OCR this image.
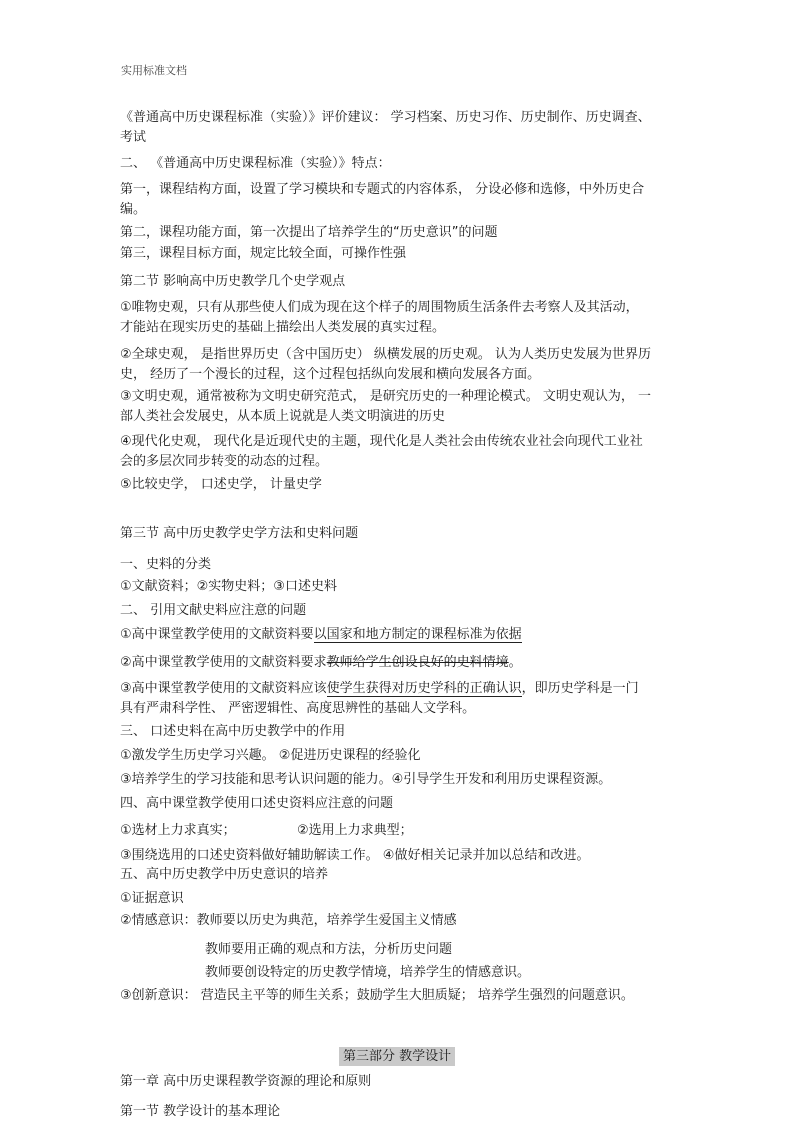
实用标准文档
《普通高中历史课程标准（实验）》评价建议： 学习档案、历史习作、历史制作、历史调查、
考试
二、 《普通高中历史课程标准（实验）》特点：
第一，课程结构方面，设置了学习模块和专题式的内容体系， 分设必修和选修，中外历史合
编。
第二，课程功能方面，第一次提出了培养学生的“历史意识”的问题
第三，课程目标方面，规定比较全面，可操作性强
第二节 影响高中历史教学几个史学观点
①唯物史观，只有从那些使人们成为现在这个样子的周围物质生活条件去考察人及其活动，
才能站在现实历史的基础上描绘出人类发展的真实过程。
②全球史观， 是指世界历史（含中国历史） 纵横发展的历史观。 认为人类历史发展为世界历
史， 经历了一个漫长的过程，这个过程包括纵向发展和横向发展各方面。
③文明史观，通常被称为文明史研究范式， 是研究历史的一种理论模式。 文明史观认为， 一
部人类社会发展史，从本质上说就是人类文明演进的历史
④现代化史观， 现代化是近现代史的主题，现代化是人类社会由传统农业社会向现代工业社
会的多层次同步转变的动态的过程。
⑤比较史学， 口述史学， 计量史学
第三节 高中历史教学史学方法和史料问题
一、史料的分类
①文献资料；②实物史料；③口述史料
二、 引用文献史料应注意的问题
①高中课堂教学使用的文献资料要以国家和地方制定的课程标准为依据
②高中课堂教学使用的文献资料要求教师给学生创设良好的史料情境。
③高中课堂教学使用的文献资料应该使学生获得对历史学科的正确认识，即历史学科是一门
具有严肃科学性、 严密逻辑性、高度思辨性的基础人文学科。
三、 口述史料在高中历史教学中的作用
①激发学生历史学习兴趣。 ②促进历史课程的经验化
③培养学生的学习技能和思考认识问题的能力。④引导学生开发和利用历史课程资源。
四、高中课堂教学使用口述史资料应注意的问题
①选材上力求真实；	②选用上力求典型；
③围绕选用的口述史资料做好辅助解读工作。 ④做好相关记录并加以总结和改进。
五、高中历史教学中历史意识的培养
①证据意识
②情感意识：教师要以历史为典范，培养学生爱国主义情感
教师要用正确的观点和方法，分析历史问题
教师要创设特定的历史教学情境，培养学生的情感意识。
③创新意识： 营造民主平等的师生关系；鼓励学生大胆质疑； 培养学生强烈的问题意识。
第三部分 教学设计
第一章 高中历史课程教学资源的理论和原则
第一节 教学设计的基本理论
